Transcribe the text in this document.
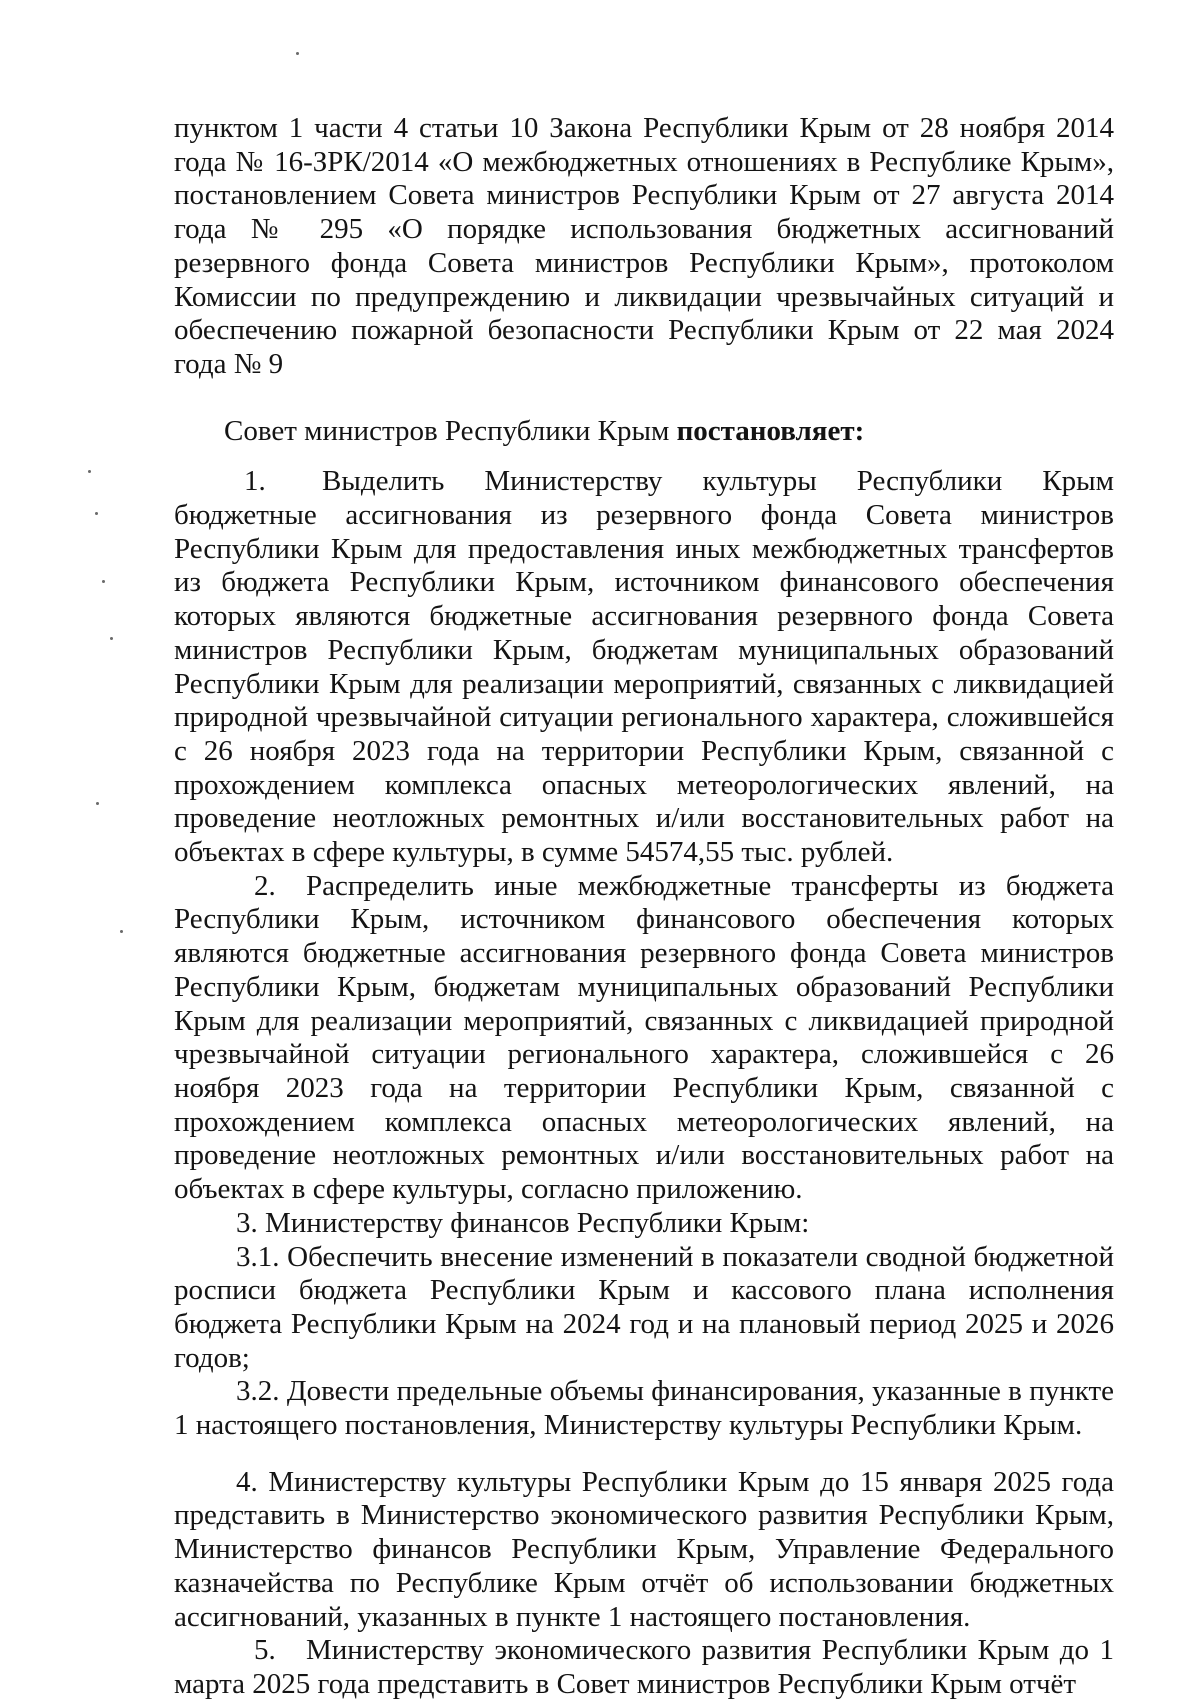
пунктом 1 части 4 статьи 10 Закона Республики Крым от 28 ноября 2014 года № 16-ЗРК/2014 «О межбюджетных отношениях в Республике Крым», постановлением Совета министров Республики Крым от 27 августа 2014 года № 295 «О порядке использования бюджетных ассигнований резервного фонда Совета министров Республики Крым», протоколом Комиссии по предупреждению и ликвидации чрезвычайных ситуаций и обеспечению пожарной безопасности Республики Крым от 22 мая 2024 года № 9

Совет министров Республики Крым постановляет:

1. Выделить Министерству культуры Республики Крым бюджетные ассигнования из резервного фонда Совета министров Республики Крым для предоставления иных межбюджетных трансфертов из бюджета Республики Крым, источником финансового обеспечения которых являются бюджетные ассигнования резервного фонда Совета министров Республики Крым, бюджетам муниципальных образований Республики Крым для реализации мероприятий, связанных с ликвидацией природной чрезвычайной ситуации регионального характера, сложившейся с 26 ноября 2023 года на территории Республики Крым, связанной с прохождением комплекса опасных метеорологических явлений, на проведение неотложных ремонтных и/или восстановительных работ на объектах в сфере культуры, в сумме 54574,55 тыс. рублей.

2. Распределить иные межбюджетные трансферты из бюджета Республики Крым, источником финансового обеспечения которых являются бюджетные ассигнования резервного фонда Совета министров Республики Крым, бюджетам муниципальных образований Республики Крым для реализации мероприятий, связанных с ликвидацией природной чрезвычайной ситуации регионального характера, сложившейся с 26 ноября 2023 года на территории Республики Крым, связанной с прохождением комплекса опасных метеорологических явлений, на проведение неотложных ремонтных и/или восстановительных работ на объектах в сфере культуры, согласно приложению.

3. Министерству финансов Республики Крым:

3.1. Обеспечить внесение изменений в показатели сводной бюджетной росписи бюджета Республики Крым и кассового плана исполнения бюджета Республики Крым на 2024 год и на плановый период 2025 и 2026 годов;

3.2. Довести предельные объемы финансирования, указанные в пункте 1 настоящего постановления, Министерству культуры Республики Крым.

4. Министерству культуры Республики Крым до 15 января 2025 года представить в Министерство экономического развития Республики Крым, Министерство финансов Республики Крым, Управление Федерального казначейства по Республике Крым отчёт об использовании бюджетных ассигнований, указанных в пункте 1 настоящего постановления.

5. Министерству экономического развития Республики Крым до 1 марта 2025 года представить в Совет министров Республики Крым отчёт
